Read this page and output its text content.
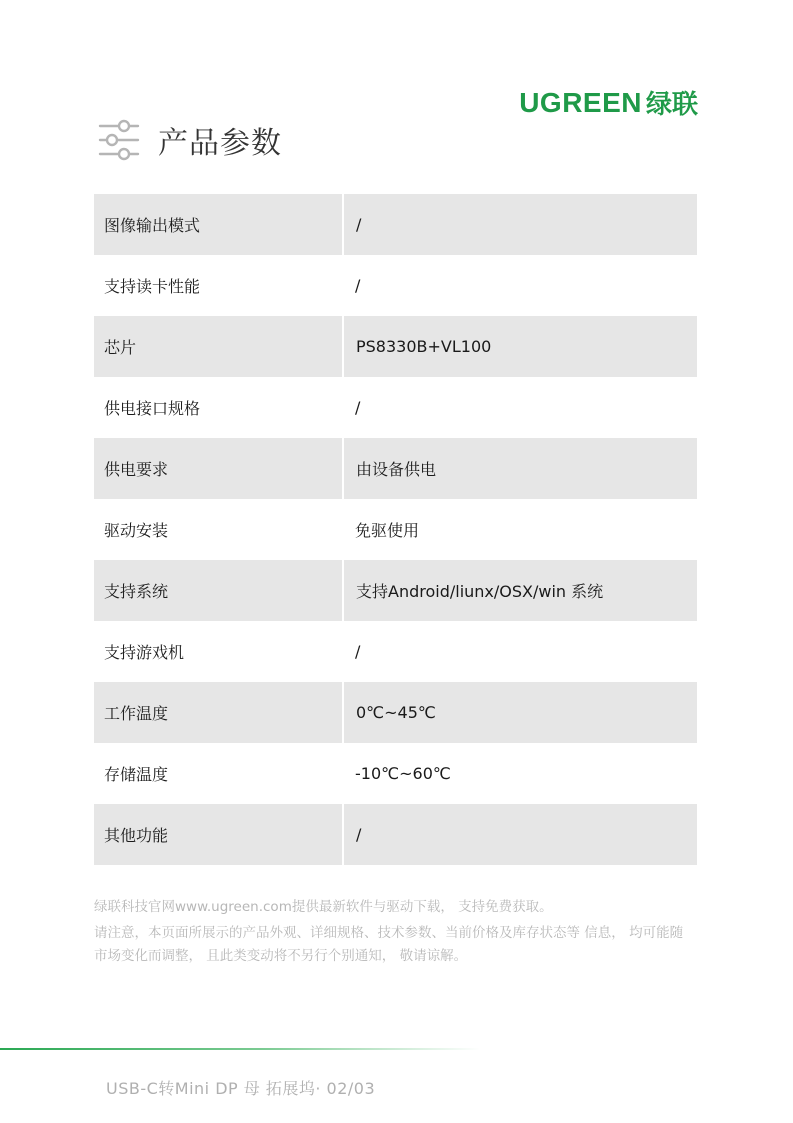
UGREEN 绿联
产品参数
图像输出模式	/
支持读卡性能	/
芯片	PS8330B+VL100
供电接口规格	/
供电要求	由设备供电
驱动安装	免驱使用
支持系统	支持Android/liunx/OSX/win 系统
支持游戏机	/
工作温度	0℃~45℃
存储温度	-10℃~60℃
其他功能	/

绿联科技官网www.ugreen.com提供最新软件与驱动下载， 支持免费获取。

请注意，本页面所展示的产品外观、详细规格、技术参数、当前价格及库存状态等 信息， 均可能随市场变化而调整， 且此类变动将不另行个别通知， 敬请谅解。

USB-C转Mini DP 母 拓展坞· 02/03
